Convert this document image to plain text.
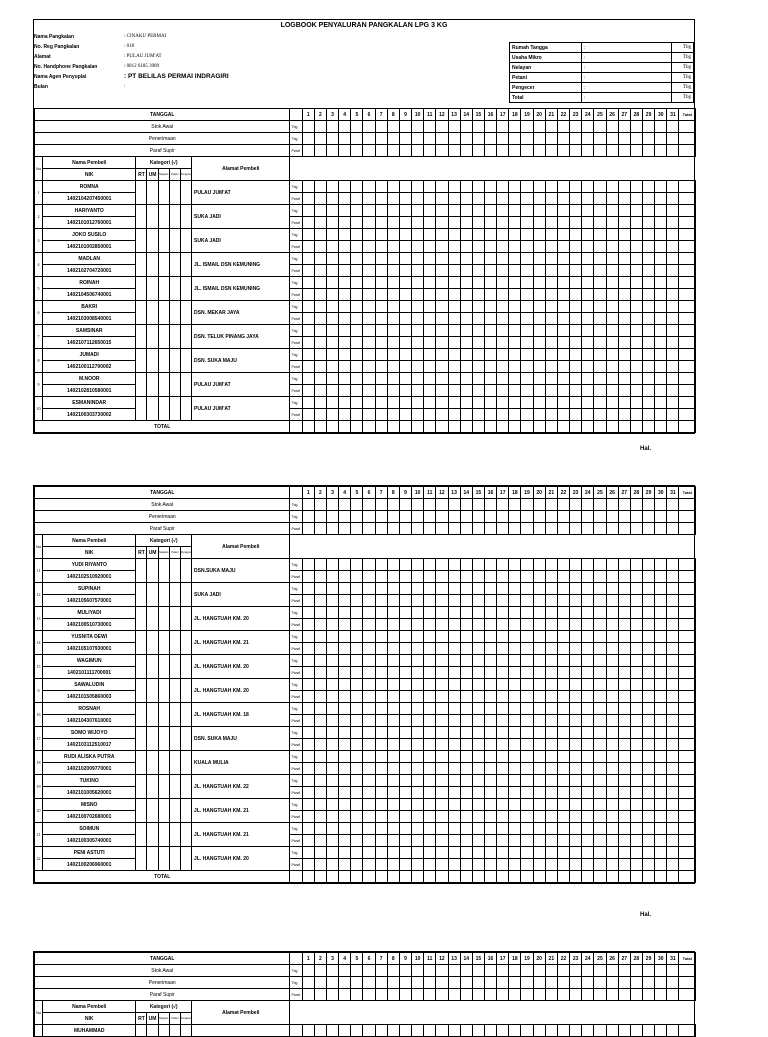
LOGBOOK PENYALURAN PANGKALAN LPG 3 KG
Nama Pangkalan	: CINAKU PERMAI
No. Reg Pangkalan	: 018
Alamat	: PULAU JUM'AT
No. Handphone Pangkalan	: 0812 6185 3989
Nama Agen Penyuplai	: PT BELILAS PERMAI INDRAGIRI
Bulan	:
Rumah Tangga	:	Tbg
Usaha Mikro	:	Tbg
Nelayan	:	Tbg
Petani	:	Tbg
Pengecer	:	Tbg
Total	:	Tbg
TANGGAL									1	2	3	4	5	6	7	8	9	10	11	12	13	14	15	16	17	18	19	20	21	22	23	24	25	26	27	28	29	30	31	Total
Stok Awal								Tbg																																
Penerimaan								Tbg																																
Paraf Supir								Paraf																																
No	Nama Pembeli	Kategori (√)					Alamat Pembeli																																	
	NIK	RT	UM	Nelayan	Petani	Pengecer																																		
1	ROMNA						PULAU JUM'AT	Tbg																																
	1402104207450001							Paraf																																
2	HARIYANTO						SUKA JADI	Tbg																																
	1402101012760001							Paraf																																
3	JOKO SUSILO						SUKA JADI	Tbg																																
	1402101002850001							Paraf																																
4	MADLAN						JL. ISMAIL DSN KEMUNING	Tbg																																
	1402102704720001							Paraf																																
5	ROINAH						JL. ISMAIL DSN KEMUNING	Tbg																																
	1402104506740001							Paraf																																
6	BAKRI						DSN. MEKAR JAYA	Tbg																																
	1402103008540001							Paraf																																
7	SAMSINAR						DSN. TELUK PINANG JAYA	Tbg																																
	1402107112650015							Paraf																																
8	JUMADI						DSN. SUKA MAJU	Tbg																																
	1402100112790002							Paraf																																
9	M.NOOR						PULAU JUM'AT	Tbg																																
	1402102810580001							Paraf																																
10	ESMANINDAR						PULAU JUM'AT	Tbg																																
	1402100303730002							Paraf																																
TOTAL																																								
Hal.
TANGGAL									1	2	3	4	5	6	7	8	9	10	11	12	13	14	15	16	17	18	19	20	21	22	23	24	25	26	27	28	29	30	31	Total
Stok Awal								Tbg																																
Penerimaan								Tbg																																
Paraf Supir								Paraf																																
No	Nama Pembeli	Kategori (√)					Alamat Pembeli																																	
	NIK	RT	UM	Nelayan	Petani	Pengecer																																		
11	YUDI RIYANTO						DSN.SUKA MAJU	Tbg																																
	1402102510920001							Paraf																																
12	SUPINAH						SUKA JADI	Tbg																																
	1402105607570001							Paraf																																
13	MULIYADI						JL. HANGTUAH KM. 20	Tbg																																
	1402100510730001							Paraf																																
14	YUSNITA DEWI						JL. HANGTUAH KM. 21	Tbg																																
	1402105107930001							Paraf																																
15	WAGIMUN						JL. HANGTUAH KM. 20	Tbg																																
	1402101111700001							Paraf																																
6	SAWALUDIN						JL. HANGTUAH KM. 20	Tbg																																
	1402101505860003							Paraf																																
16	ROSNAH						JL. HANGTUAH KM. 18	Tbg																																
	1402104307610001							Paraf																																
17	SOMO WIJOYO						DSN. SUKA MAJU	Tbg																																
	1402103112510017							Paraf																																
18	RUDI ALISKA PUTRA						KUALA MULIA	Tbg																																
	1402102009770001							Paraf																																
19	TUKINO						JL. HANGTUAH KM. 22	Tbg																																
	1402101005620001							Paraf																																
20	MISNO						JL. HANGTUAH KM. 21	Tbg																																
	1402100702680001							Paraf																																
21	SOIMUN						JL. HANGTUAH KM. 21	Tbg																																
	1402100305740001							Paraf																																
22	PENI ASTUTI						JL. HANGTUAH KM. 20	Tbg																																
	1402100206960001							Paraf																																
TOTAL																																								
Hal.
TANGGAL									1	2	3	4	5	6	7	8	9	10	11	12	13	14	15	16	17	18	19	20	21	22	23	24	25	26	27	28	29	30	31	Total
Stok Awal								Tbg																																
Penerimaan								Tbg																																
Paraf Supir								Paraf																																
No	Nama Pembeli	Kategori (√)					Alamat Pembeli																																	
	NIK	RT	UM	Nelayan	Petani	Pengecer																																		
	MUHAMMAD																																							
